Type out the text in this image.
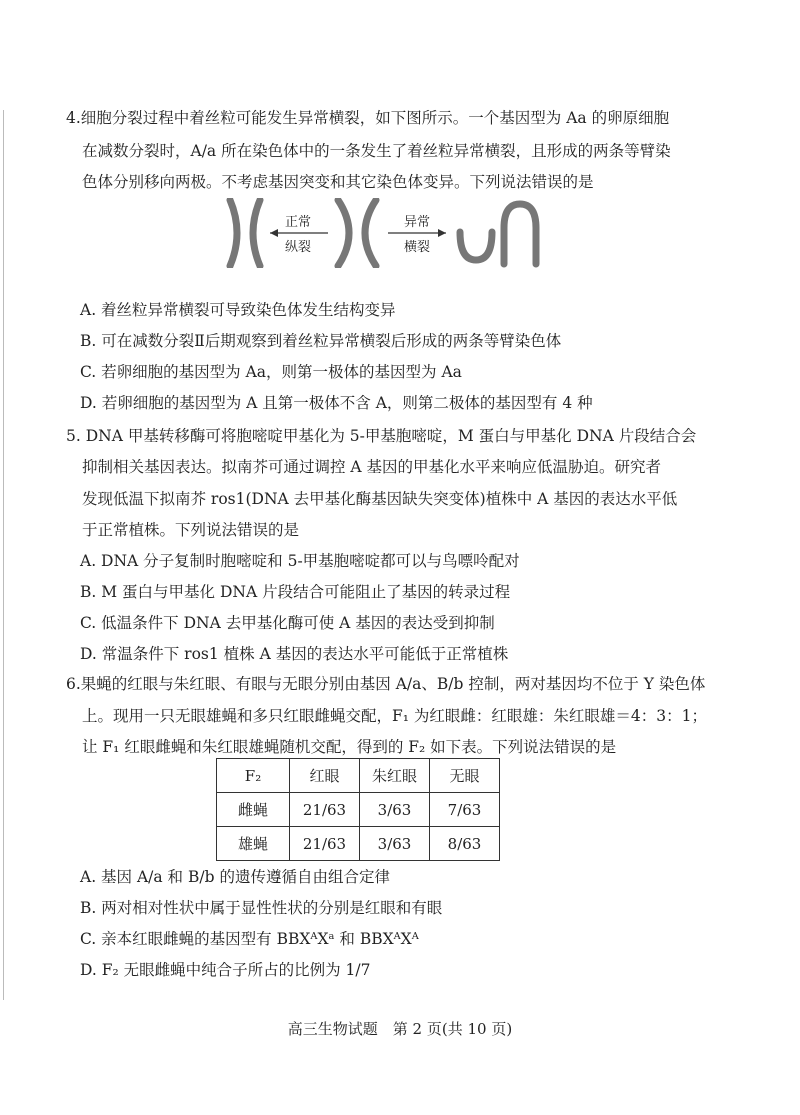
4.细胞分裂过程中着丝粒可能发生异常横裂，如下图所示。一个基因型为 Aa 的卵原细胞
在减数分裂时，A/a 所在染色体中的一条发生了着丝粒异常横裂，且形成的两条等臂染
色体分别移向两极。不考虑基因突变和其它染色体变异。下列说法错误的是
正常
纵裂
异常
横裂
A. 着丝粒异常横裂可导致染色体发生结构变异
B. 可在减数分裂Ⅱ后期观察到着丝粒异常横裂后形成的两条等臂染色体
C. 若卵细胞的基因型为 Aa，则第一极体的基因型为 Aa
D. 若卵细胞的基因型为 A 且第一极体不含 A，则第二极体的基因型有 4 种
5. DNA 甲基转移酶可将胞嘧啶甲基化为 5-甲基胞嘧啶，M 蛋白与甲基化 DNA 片段结合会
抑制相关基因表达。拟南芥可通过调控 A 基因的甲基化水平来响应低温胁迫。研究者
发现低温下拟南芥 ros1(DNA 去甲基化酶基因缺失突变体)植株中 A 基因的表达水平低
于正常植株。下列说法错误的是
A. DNA 分子复制时胞嘧啶和 5-甲基胞嘧啶都可以与鸟嘌呤配对
B. M 蛋白与甲基化 DNA 片段结合可能阻止了基因的转录过程
C. 低温条件下 DNA 去甲基化酶可使 A 基因的表达受到抑制
D. 常温条件下 ros1 植株 A 基因的表达水平可能低于正常植株
6.果蝇的红眼与朱红眼、有眼与无眼分别由基因 A/a、B/b 控制，两对基因均不位于 Y 染色体
上。现用一只无眼雄蝇和多只红眼雌蝇交配，F₁ 为红眼雌：红眼雄：朱红眼雄＝4：3：1；
让 F₁ 红眼雌蝇和朱红眼雄蝇随机交配，得到的 F₂ 如下表。下列说法错误的是
F₂	红眼	朱红眼	无眼
雌蝇	21/63	3/63	7/63
雄蝇	21/63	3/63	8/63
A. 基因 A/a 和 B/b 的遗传遵循自由组合定律
B. 两对相对性状中属于显性性状的分别是红眼和有眼
C. 亲本红眼雌蝇的基因型有 BBXᴬXᵃ 和 BBXᴬXᴬ
D. F₂ 无眼雌蝇中纯合子所占的比例为 1/7
高三生物试题　第 2 页(共 10 页)
